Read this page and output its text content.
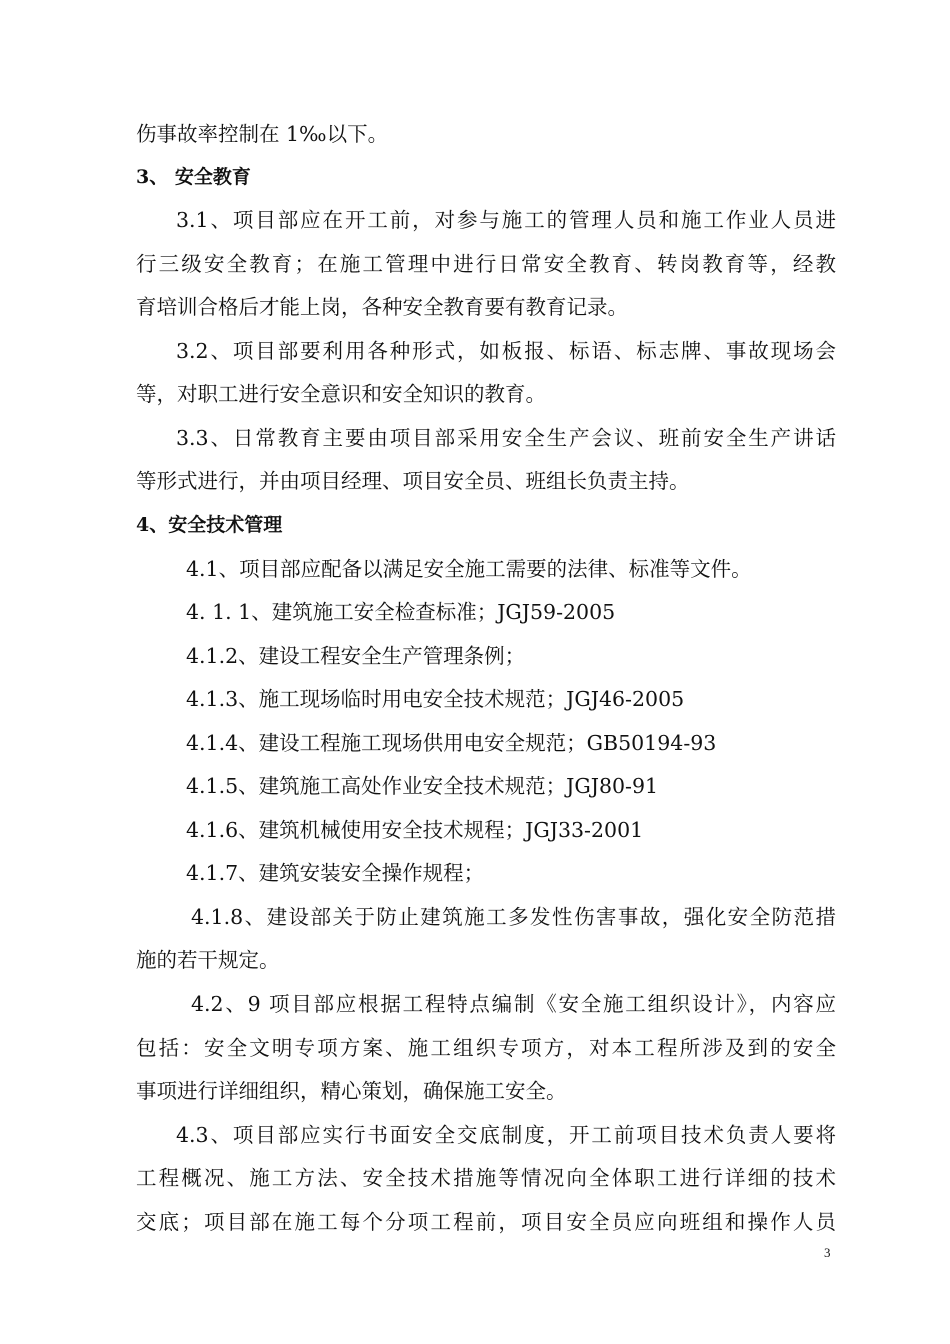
伤事故率控制在 1‰以下。
3、 安全教育
3.1、项目部应在开工前，对参与施工的管理人员和施工作业人员进
行三级安全教育；在施工管理中进行日常安全教育、转岗教育等，经教
育培训合格后才能上岗，各种安全教育要有教育记录。
3.2、项目部要利用各种形式，如板报、标语、标志牌、事故现场会
等，对职工进行安全意识和安全知识的教育。
3.3、日常教育主要由项目部采用安全生产会议、班前安全生产讲话
等形式进行，并由项目经理、项目安全员、班组长负责主持。
4、安全技术管理
4.1、项目部应配备以满足安全施工需要的法律、标准等文件。
4. 1. 1、建筑施工安全检查标准；JGJ59-2005
4.1.2、建设工程安全生产管理条例；
4.1.3、施工现场临时用电安全技术规范；JGJ46-2005
4.1.4、建设工程施工现场供用电安全规范；GB50194-93
4.1.5、建筑施工高处作业安全技术规范；JGJ80-91
4.1.6、建筑机械使用安全技术规程；JGJ33-2001
4.1.7、建筑安装安全操作规程；
4.1.8、建设部关于防止建筑施工多发性伤害事故，强化安全防范措
施的若干规定。
4.2、9 项目部应根据工程特点编制《安全施工组织设计》，内容应
包括：安全文明专项方案、施工组织专项方，对本工程所涉及到的安全
事项进行详细组织，精心策划，确保施工安全。
4.3、项目部应实行书面安全交底制度，开工前项目技术负责人要将
工程概况、施工方法、安全技术措施等情况向全体职工进行详细的技术
交底；项目部在施工每个分项工程前，项目安全员应向班组和操作人员
3
